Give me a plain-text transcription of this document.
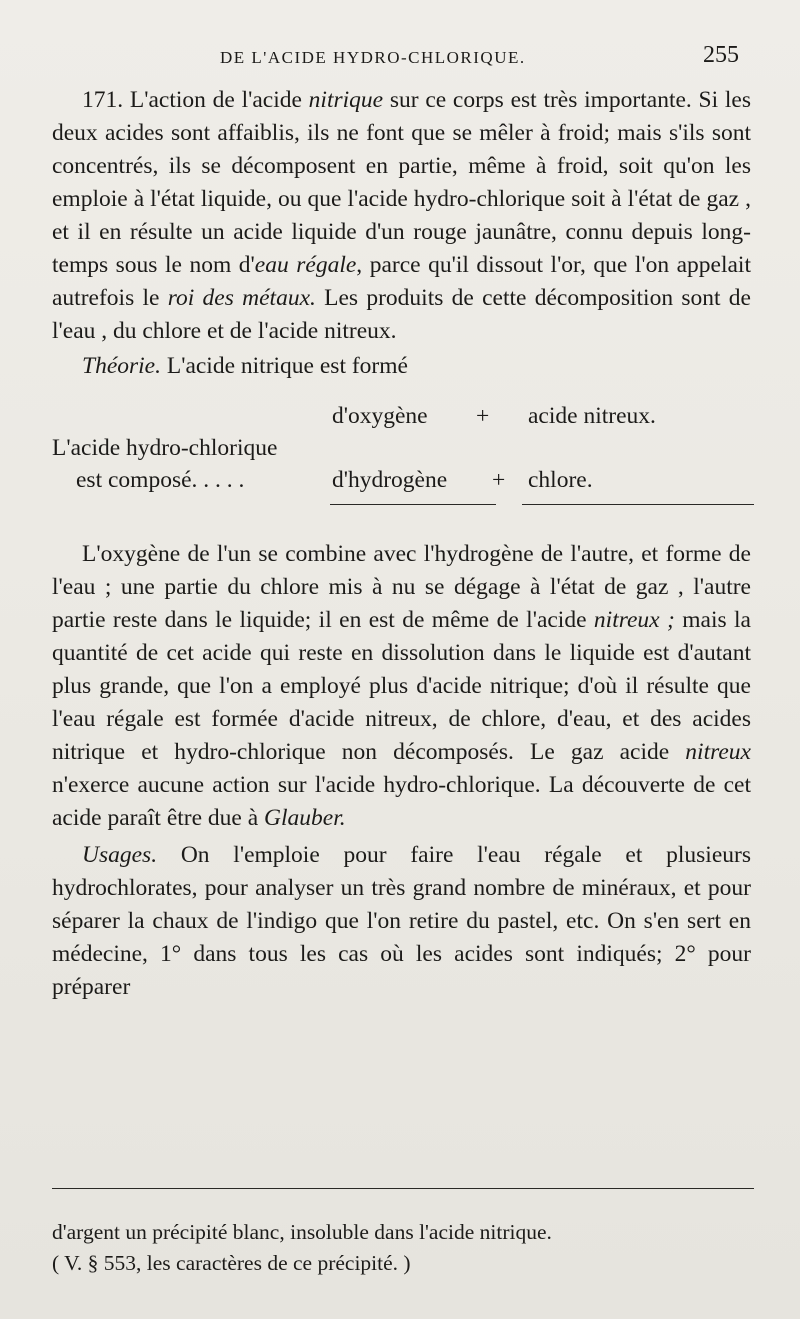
DE L'ACIDE HYDRO-CHLORIQUE.	255

171. L'action de l'acide nitrique sur ce corps est très importante. Si les deux acides sont affaiblis, ils ne font que se mêler à froid; mais s'ils sont concentrés, ils se décomposent en partie, même à froid, soit qu'on les emploie à l'état liquide, ou que l'acide hydro-chlorique soit à l'état de gaz , et il en résulte un acide liquide d'un rouge jaunâtre, connu depuis long-temps sous le nom d'eau régale, parce qu'il dissout l'or, que l'on appelait autrefois le roi des métaux. Les produits de cette décomposition sont de l'eau , du chlore et de l'acide nitreux.

Théorie. L'acide nitrique est formé
d'oxygène + acide nitreux.
L'acide hydro-chlorique
est composé. . . . .	d'hydrogène + chlore.

L'oxygène de l'un se combine avec l'hydrogène de l'autre, et forme de l'eau ; une partie du chlore mis à nu se dégage à l'état de gaz , l'autre partie reste dans le liquide; il en est de même de l'acide nitreux ; mais la quantité de cet acide qui reste en dissolution dans le liquide est d'autant plus grande, que l'on a employé plus d'acide nitrique; d'où il résulte que l'eau régale est formée d'acide nitreux, de chlore, d'eau, et des acides nitrique et hydro-chlorique non décomposés. Le gaz acide nitreux n'exerce aucune action sur l'acide hydro-chlorique. La découverte de cet acide paraît être due à Glauber.

Usages. On l'emploie pour faire l'eau régale et plusieurs hydrochlorates, pour analyser un très grand nombre de minéraux, et pour séparer la chaux de l'indigo que l'on retire du pastel, etc. On s'en sert en médecine, 1° dans tous les cas où les acides sont indiqués; 2° pour préparer

d'argent un précipité blanc, insoluble dans l'acide nitrique.

( V. § 553, les caractères de ce précipité. )
